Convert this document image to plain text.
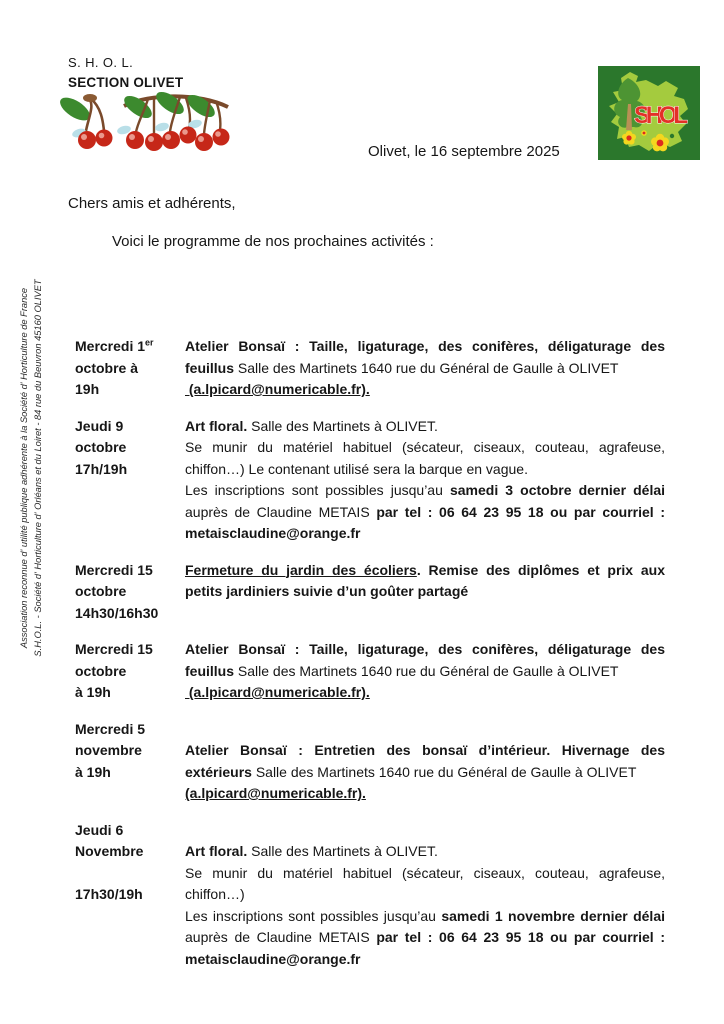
S. H. O. L.
SECTION OLIVET
SHOL
Olivet, le 16 septembre 2025
Chers amis et adhérents,
Voici le programme de nos prochaines activités :
Association reconnue d' utilité publique adhérente à la Société d' Horticulture de France S.H.O.L. - Société d' Horticulture d' Orléans et du Loiret - 84 rue du Beuvron 45160 OLIVET Mercredi 1er
octobre à
19h

Atelier Bonsaï : Taille, ligaturage, des conifères, déligaturage des feuillus Salle des Martinets 1640 rue du Général de Gaulle à OLIVET

(a.lpicard@numericable.fr).

Jeudi 9
octobre
17h/19h

Art floral. Salle des Martinets à OLIVET.

Se munir du matériel habituel (sécateur, ciseaux, couteau, agrafeuse, chiffon…) Le contenant utilisé sera la barque en vague.

Les inscriptions sont possibles jusqu’au samedi 3 octobre dernier délai auprès de Claudine METAIS par tel : 06 64 23 95 18 ou par courriel : metaisclaudine@orange.fr

Mercredi 15
octobre
14h30/16h30

Fermeture du jardin des écoliers. Remise des diplômes et prix aux petits jardiniers suivie d’un goûter partagé

Mercredi 15
octobre
à 19h

Atelier Bonsaï : Taille, ligaturage, des conifères, déligaturage des feuillus Salle des Martinets 1640 rue du Général de Gaulle à OLIVET

(a.lpicard@numericable.fr).

Mercredi 5
novembre
à 19h

Atelier Bonsaï : Entretien des bonsaï d’intérieur. Hivernage des extérieurs Salle des Martinets 1640 rue du Général de Gaulle à OLIVET

(a.lpicard@numericable.fr).

Jeudi 6
Novembre

17h30/19h

Art floral. Salle des Martinets à OLIVET.

Se munir du matériel habituel (sécateur, ciseaux, couteau, agrafeuse, chiffon…)

Les inscriptions sont possibles jusqu’au samedi 1 novembre dernier délai auprès de Claudine METAIS par tel : 06 64 23 95 18 ou par courriel : metaisclaudine@orange.fr
